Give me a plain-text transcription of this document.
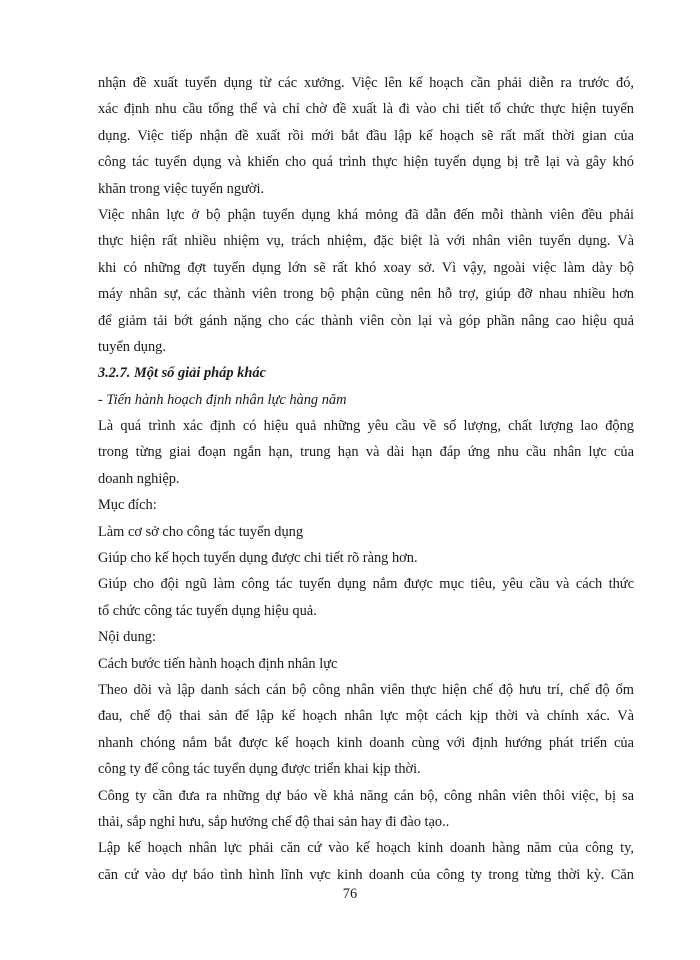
nhận đề xuất tuyển dụng từ các xưởng. Việc lên kế hoạch cần phải diễn ra trước đó,
xác định nhu cầu tổng thể và chỉ chờ đề xuất là đi vào chi tiết tổ chức thực hiện tuyển
dụng. Việc tiếp nhận đề xuất rồi mới bắt đầu lập kế hoạch sẽ rất mất thời gian của
công tác tuyển dụng và khiến cho quá trình thực hiện tuyển dụng bị trễ lại và gây khó
khăn trong việc tuyển người.
Việc nhân lực ở bộ phận tuyển dụng khá mỏng đã dẫn đến mỗi thành viên đều phải
thực hiện rất nhiều nhiệm vụ, trách nhiệm, đặc biệt là với nhân viên tuyển dụng. Và
khi có những đợt tuyển dụng lớn sẽ rất khó xoay sở. Vì vậy, ngoài việc làm dày bộ
máy nhân sự, các thành viên trong bộ phận cũng nên hỗ trợ, giúp đỡ nhau nhiều hơn
để giảm tải bớt gánh nặng cho các thành viên còn lại và góp phần nâng cao hiệu quả
tuyển dụng.
3.2.7. Một số giải pháp khác
- Tiến hành hoạch định nhân lực hàng năm
Là quá trình xác định có hiệu quả những yêu cầu về số lượng, chất lượng lao động
trong từng giai đoạn ngắn hạn, trung hạn và dài hạn đáp ứng nhu cầu nhân lực của
doanh nghiệp.
Mục đích:
Làm cơ sở cho công tác tuyển dụng
Giúp cho kế họch tuyển dụng được chi tiết rõ ràng hơn.
Giúp cho đội ngũ làm công tác tuyển dụng nắm được mục tiêu, yêu cầu và cách thức
tổ chức công tác tuyển dụng hiệu quả.
Nội dung:
Cách bước tiến hành hoạch định nhân lực
Theo dõi và lập danh sách cán bộ công nhân viên thực hiện chế độ hưu trí, chế độ ốm
đau, chế độ thai sản để lập kế hoạch nhân lực một cách kịp thời và chính xác. Và
nhanh chóng nắm bắt được kế hoạch kinh doanh cùng với định hướng phát triển của
công ty để công tác tuyển dụng được triển khai kịp thời.
Công ty cần đưa ra những dự báo về khả năng cán bộ, công nhân viên thôi việc, bị sa
thải, sắp nghỉ hưu, sắp hưởng chế độ thai sản hay đi đào tạo..
Lập kế hoạch nhân lực phải căn cứ vào kế hoạch kinh doanh hàng năm của công ty,
căn cứ vào dự báo tình hình lĩnh vực kinh doanh của công ty trong từng thời kỳ. Căn
76
